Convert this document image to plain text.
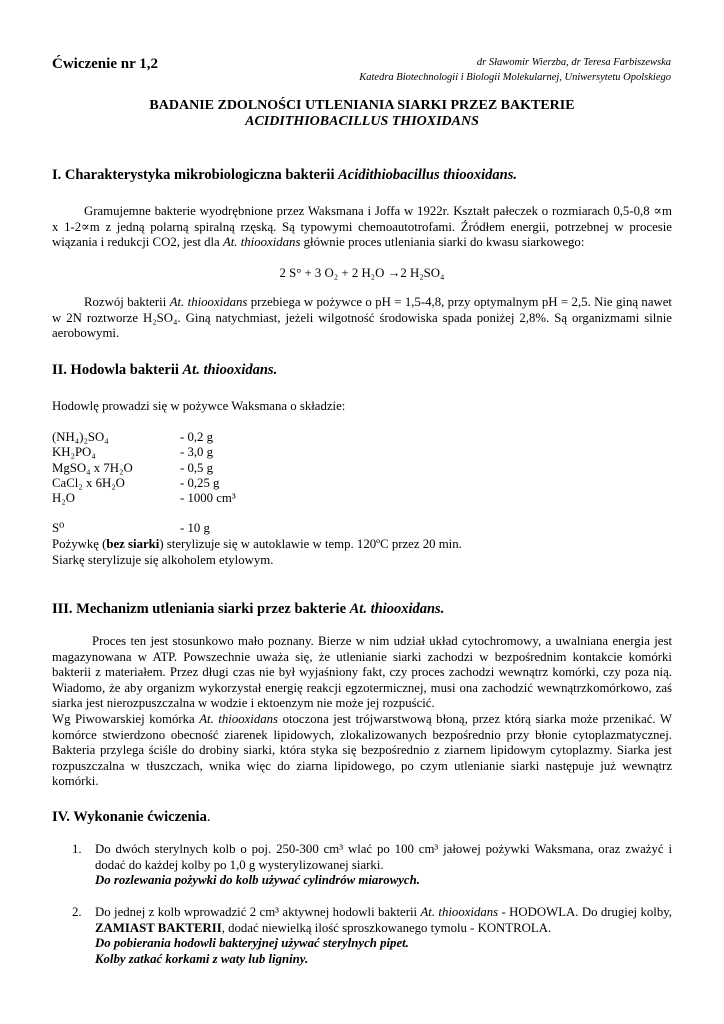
Ćwiczenie nr 1,2	dr Sławomir Wierzba, dr Teresa Farbiszewska
Katedra Biotechnologii i Biologii Molekularnej, Uniwersytetu Opolskiego
BADANIE ZDOLNOŚCI UTLENIANIA SIARKI PRZEZ BAKTERIE
ACIDITHIOBACILLUS THIOXIDANS
I. Charakterystyka mikrobiologiczna bakterii Acidithiobacillus thiooxidans.
Gramujemne bakterie wyodrębnione przez Waksmana i Joffa w 1922r. Kształt pałeczek o rozmiarach 0,5-0,8 ∝m x 1-2∝m z jedną polarną spiralną rzęską. Są typowymi chemoautotrofami. Źródłem energii, potrzebnej w procesie wiązania i redukcji CO2, jest dla At. thiooxidans głównie proces utleniania siarki do kwasu siarkowego:
2 S° + 3 O₂ + 2 H₂O →2 H₂SO₄
Rozwój bakterii At. thiooxidans przebiega w pożywce o pH = 1,5-4,8, przy optymalnym pH = 2,5. Nie giną nawet w 2N roztworze H₂SO₄. Giną natychmiast, jeżeli wilgotność środowiska spada poniżej 2,8%. Są organizmami silnie aerobowymi.
II. Hodowla bakterii At. thiooxidans.
Hodowlę prowadzi się w pożywce Waksmana o składzie:
(NH₄)₂SO₄	- 0,2 g
KH₂PO₄	- 3,0 g
MgSO₄ x 7H₂O	- 0,5 g
CaCl₂ x 6H₂O	- 0,25 g
H₂O	- 1000 cm³
S⁰	- 10 g
Pożywkę (bez siarki) sterylizuje się w autoklawie w temp. 120ºC przez 20 min.
Siarkę sterylizuje się alkoholem etylowym.
III. Mechanizm utleniania siarki przez bakterie At. thiooxidans.
Proces ten jest stosunkowo mało poznany. Bierze w nim udział układ cytochromowy, a uwalniana energia jest magazynowana w ATP. Powszechnie uważa się, że utlenianie siarki zachodzi w bezpośrednim kontakcie komórki bakterii z materiałem. Przez długi czas nie był wyjaśniony fakt, czy proces zachodzi wewnątrz komórki, czy poza nią. Wiadomo, że aby organizm wykorzystał energię reakcji egzotermicznej, musi ona zachodzić wewnątrzkomórkowo, zaś siarka jest nierozpuszczalna w wodzie i ektoenzym nie może jej rozpuścić.
Wg Piwowarskiej komórka At. thiooxidans otoczona jest trójwarstwową błoną, przez którą siarka może przenikać. W komórce stwierdzono obecność ziarenek lipidowych, zlokalizowanych bezpośrednio przy błonie cytoplazmatycznej. Bakteria przylega ściśle do drobiny siarki, która styka się bezpośrednio z ziarnem lipidowym cytoplazmy. Siarka jest rozpuszczalna w tłuszczach, wnika więc do ziarna lipidowego, po czym utlenianie siarki następuje już wewnątrz komórki.
IV. Wykonanie ćwiczenia.
1. Do dwóch sterylnych kolb o poj. 250-300 cm³ wlać po 100 cm³ jałowej pożywki Waksmana, oraz zważyć i dodać do każdej kolby po 1,0 g wysterylizowanej siarki.
Do rozlewania pożywki do kolb używać cylindrów miarowych.
2. Do jednej z kolb wprowadzić 2 cm³ aktywnej hodowli bakterii At. thiooxidans - HODOWLA. Do drugiej kolby, ZAMIAST BAKTERII, dodać niewielką ilość sproszkowanego tymolu - KONTROLA.
Do pobierania hodowli bakteryjnej używać sterylnych pipet.
Kolby zatkać korkami z waty lub ligniny.
